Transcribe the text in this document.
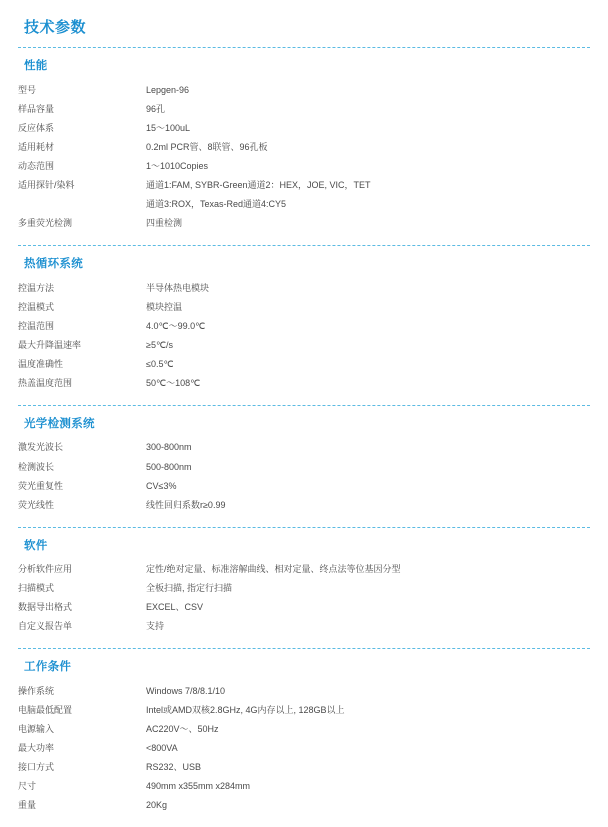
技术参数
性能
型号	Lepgen-96
样品容量	96孔
反应体系	15～100uL
适用耗材	0.2ml PCR管、8联管、96孔板
动态范围	1～1010Copies
适用探针/染料	通道1:FAM, SYBR-Green通道2：HEX，JOE, VIC，TET
通道3:ROX，Texas-Red通道4:CY5

多重荧光检测	四重检测
热循环系统
控温方法	半导体热电模块
控温模式	模块控温
控温范围	4.0℃～99.0℃
最大升降温速率	≥5℃/s
温度准确性	≤0.5℃
热盖温度范围	50℃～108℃
光学检测系统
激发光波长	300-800nm
检测波长	500-800nm
荧光重复性	CV≤3%
荧光线性	线性回归系数r≥0.99
软件
分析软件应用	定性/绝对定量、标准溶解曲线、相对定量、终点法等位基因分型
扫描模式	全板扫描, 指定行扫描
数据导出格式	EXCEL、CSV
自定义报告单	支持
工作条件
操作系统	Windows 7/8/8.1/10
电脑最低配置	Intel或AMD双核2.8GHz, 4G内存以上, 128GB以上
电源输入	AC220V～、50Hz
最大功率	<800VA
接口方式	RS232、USB
尺寸	490mm x355mm x284mm
重量	20Kg
